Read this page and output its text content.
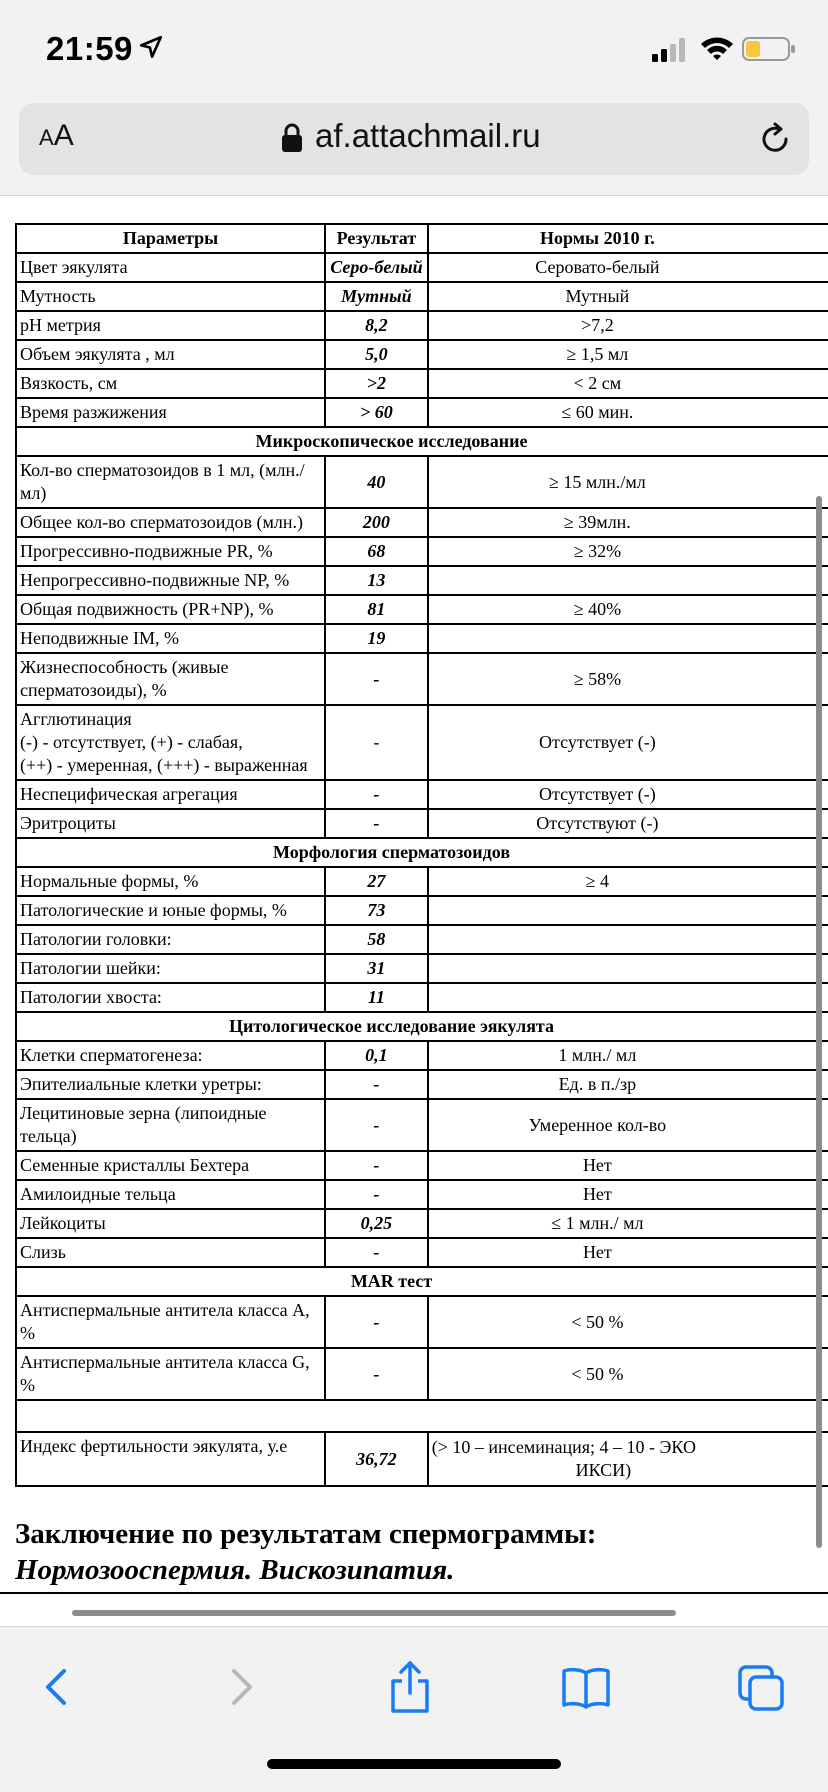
21:59
AA	af.attachmail.ru
Параметры	Результат	Нормы 2010 г.
Цвет эякулята	Серо-белый	Серовато-белый
Мутность	Мутный	Мутный
pH метрия	8,2	>7,2
Объем эякулята , мл	5,0	≥ 1,5 мл
Вязкость, см	>2	< 2 см
Время разжижения	> 60	≤ 60 мин.
Микроскопическое исследование		
Кол-во сперматозоидов в 1 мл, (млн./мл)	40	≥ 15 млн./мл
Общее кол-во сперматозоидов (млн.)	200	≥ 39млн.
Прогрессивно-подвижные PR, %	68	≥ 32%
Непрогрессивно-подвижные NP, %	13	
Общая подвижность (PR+NP), %	81	≥ 40%
Неподвижные IM, %	19	
Жизнеспособность (живые сперматозоиды), %	-	≥ 58%

Агглютинация
(-) - отсутствует, (+) - слабая,
(++) - умеренная, (+++) - выраженная	-	Отсутствует (-)
Неспецифическая агрегация	-	Отсутствует (-)
Эритроциты	-	Отсутствуют (-)
Морфология сперматозоидов		
Нормальные формы, %	27	≥ 4
Патологические и юные формы, %	73	
Патологии головки:	58	
Патологии шейки:	31	
Патологии хвоста:	11	
Цитологическое исследование эякулята		
Клетки сперматогенеза:	0,1	1 млн./ мл
Эпителиальные клетки уретры:	-	Ед. в п./зр
Лецитиновые зерна (липоидные тельца)	-	Умеренное кол-во
Семенные кристаллы Бехтера	-	Нет
Амилоидные тельца	-	Нет
Лейкоциты	0,25	≤ 1 млн./ мл
Слизь	-	Нет
MAR тест		
Антиспермальные антитела класса А, %	-	< 50 %
Антиспермальные антитела класса G, %	-	< 50 %

Индекс фертильности эякулята, у.е	36,72	(> 10 – инсеминация; 4 – 10 - ЭКО
ИКСИ)
Заключение по результатам спермограммы:
Нормозооспермия. Вискозипатия.
